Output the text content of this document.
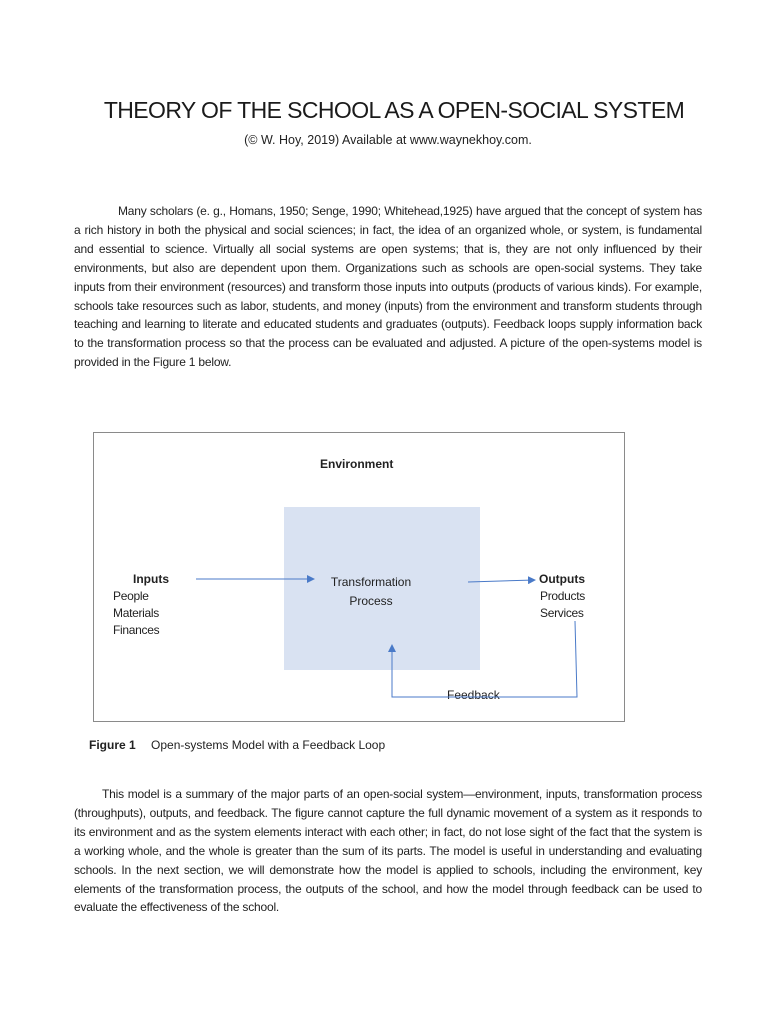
THEORY OF THE SCHOOL AS A OPEN-SOCIAL SYSTEM
(© W. Hoy, 2019) Available at www.waynekhoy.com.

Many scholars (e. g., Homans, 1950; Senge, 1990; Whitehead,1925) have argued that the concept of system has a rich history in both the physical and social sciences; in fact, the idea of an organized whole, or system, is fundamental and essential to science. Virtually all social systems are open systems; that is, they are not only influenced by their environments, but also are dependent upon them. Organizations such as schools are open-social systems. They take inputs from their environment (resources) and transform those inputs into outputs (products of various kinds). For example, schools take resources such as labor, students, and money (inputs) from the environment and transform students through teaching and learning to literate and educated students and graduates (outputs). Feedback loops supply information back to the transformation process so that the process can be evaluated and adjusted. A picture of the open-systems model is provided in the Figure 1 below.

Environment
Transformation
Process
Inputs
People
Materials
Finances
Outputs
Products
Services
Feedback
Figure 1 Open-systems Model with a Feedback Loop

This model is a summary of the major parts of an open-social system—environment, inputs, transformation process (throughputs), outputs, and feedback. The figure cannot capture the full dynamic movement of a system as it responds to its environment and as the system elements interact with each other; in fact, do not lose sight of the fact that the system is a working whole, and the whole is greater than the sum of its parts. The model is useful in understanding and evaluating schools. In the next section, we will demonstrate how the model is applied to schools, including the environment, key elements of the transformation process, the outputs of the school, and how the model through feedback can be used to evaluate the effectiveness of the school.
